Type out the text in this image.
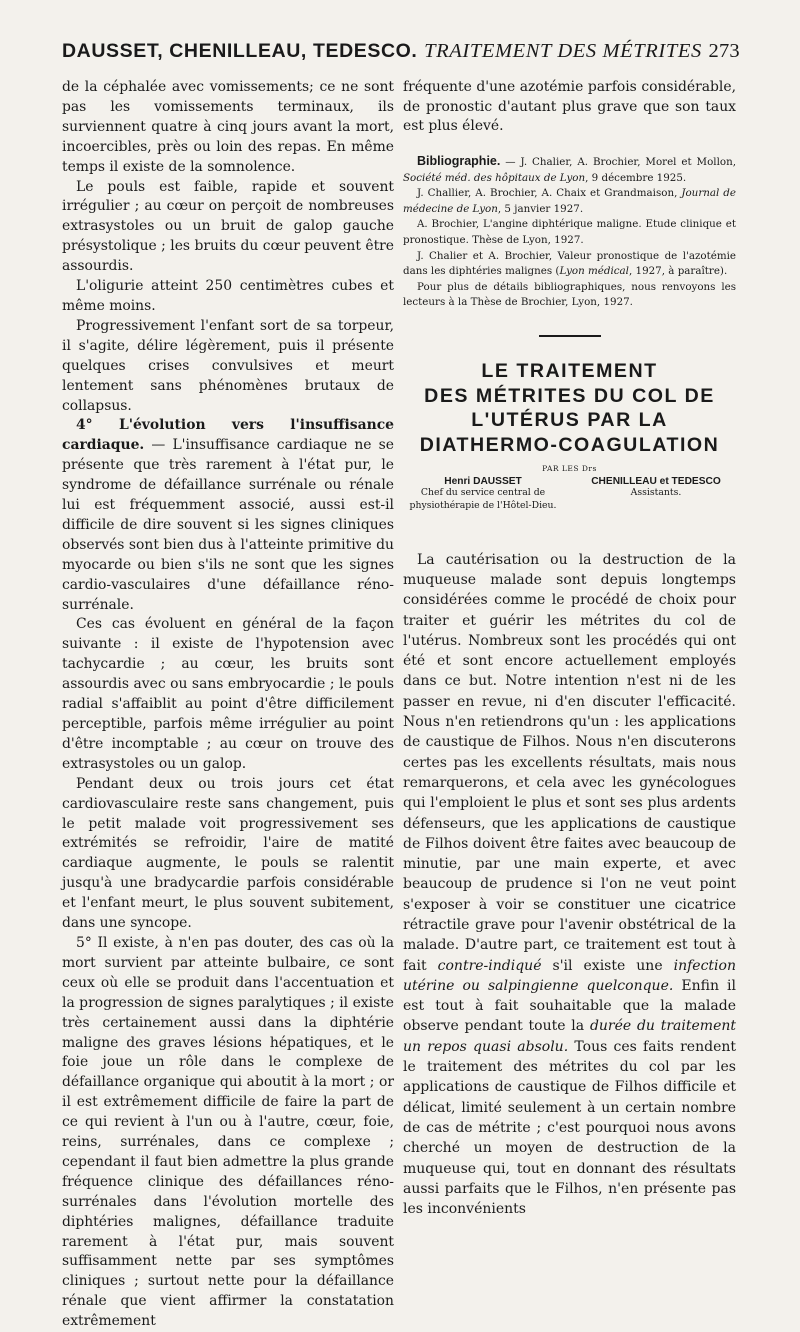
DAUSSET, CHENILLEAU, TEDESCO. TRAITEMENT DES MÉTRITES 273

de la céphalée avec vomissements; ce ne sont pas les vomissements terminaux, ils surviennent quatre à cinq jours avant la mort, incoercibles, près ou loin des repas. En même temps il existe de la somnolence.

Le pouls est faible, rapide et souvent irrégulier ; au cœur on perçoit de nombreuses extrasystoles ou un bruit de galop gauche présystolique ; les bruits du cœur peuvent être assourdis.

L'oligurie atteint 250 centimètres cubes et même moins.

Progressivement l'enfant sort de sa torpeur, il s'agite, délire légèrement, puis il présente quelques crises convulsives et meurt lentement sans phénomènes brutaux de collapsus.

4° L'évolution vers l'insuffisance cardiaque. — L'insuffisance cardiaque ne se présente que très rarement à l'état pur, le syndrome de défaillance surrénale ou rénale lui est fréquemment associé, aussi est-il difficile de dire souvent si les signes cliniques observés sont bien dus à l'atteinte primitive du myocarde ou bien s'ils ne sont que les signes cardio-vasculaires d'une défaillance réno-surrénale.

Ces cas évoluent en général de la façon suivante : il existe de l'hypotension avec tachycardie ; au cœur, les bruits sont assourdis avec ou sans embryocardie ; le pouls radial s'affaiblit au point d'être difficilement perceptible, parfois même irrégulier au point d'être incomptable ; au cœur on trouve des extrasystoles ou un galop.

Pendant deux ou trois jours cet état cardiovasculaire reste sans changement, puis le petit malade voit progressivement ses extrémités se refroidir, l'aire de matité cardiaque augmente, le pouls se ralentit jusqu'à une bradycardie parfois considérable et l'enfant meurt, le plus souvent subitement, dans une syncope.

5° Il existe, à n'en pas douter, des cas où la mort survient par atteinte bulbaire, ce sont ceux où elle se produit dans l'accentuation et la progression de signes paralytiques ; il existe très certainement aussi dans la diphtérie maligne des graves lésions hépatiques, et le foie joue un rôle dans le complexe de défaillance organique qui aboutit à la mort ; or il est extrêmement difficile de faire la part de ce qui revient à l'un ou à l'autre, cœur, foie, reins, surrénales, dans ce complexe ; cependant il faut bien admettre la plus grande fréquence clinique des défaillances réno-surrénales dans l'évolution mortelle des diphtéries malignes, défaillance traduite rarement à l'état pur, mais souvent suffisamment nette par ses symptômes cliniques ; surtout nette pour la défaillance rénale que vient affirmer la constatation extrêmement

fréquente d'une azotémie parfois considérable, de pronostic d'autant plus grave que son taux est plus élevé.

Bibliographie. — J. Chalier, A. Brochier, Morel et Mollon, Société méd. des hôpitaux de Lyon, 9 décembre 1925.

J. Challier, A. Brochier, A. Chaix et Grandmaison, Journal de médecine de Lyon, 5 janvier 1927.

A. Brochier, L'angine diphtérique maligne. Etude clinique et pronostique. Thèse de Lyon, 1927.

J. Chalier et A. Brochier, Valeur pronostique de l'azotémie dans les diphtéries malignes (Lyon médical, 1927, à paraître).

Pour plus de détails bibliographiques, nous renvoyons les lecteurs à la Thèse de Brochier, Lyon, 1927.

LE TRAITEMENT
DES MÉTRITES DU COL DE
L'UTÉRUS PAR LA
DIATHERMO-COAGULATION
PAR LES Drs
Henri DAUSSET
Chef du service central de
physiothérapie de l'Hôtel-Dieu.
CHENILLEAU et TEDESCO
Assistants.

La cautérisation ou la destruction de la muqueuse malade sont depuis longtemps considérées comme le procédé de choix pour traiter et guérir les métrites du col de l'utérus. Nombreux sont les procédés qui ont été et sont encore actuellement employés dans ce but. Notre intention n'est ni de les passer en revue, ni d'en discuter l'efficacité. Nous n'en retiendrons qu'un : les applications de caustique de Filhos. Nous n'en discuterons certes pas les excellents résultats, mais nous remarquerons, et cela avec les gynécologues qui l'emploient le plus et sont ses plus ardents défenseurs, que les applications de caustique de Filhos doivent être faites avec beaucoup de minutie, par une main experte, et avec beaucoup de prudence si l'on ne veut point s'exposer à voir se constituer une cicatrice rétractile grave pour l'avenir obstétrical de la malade. D'autre part, ce traitement est tout à fait contre-indiqué s'il existe une infection utérine ou salpingienne quelconque. Enfin il est tout à fait souhaitable que la malade observe pendant toute la durée du traitement un repos quasi absolu. Tous ces faits rendent le traitement des métrites du col par les applications de caustique de Filhos difficile et délicat, limité seulement à un certain nombre de cas de métrite ; c'est pourquoi nous avons cherché un moyen de destruction de la muqueuse qui, tout en donnant des résultats aussi parfaits que le Filhos, n'en présente pas les inconvénients
